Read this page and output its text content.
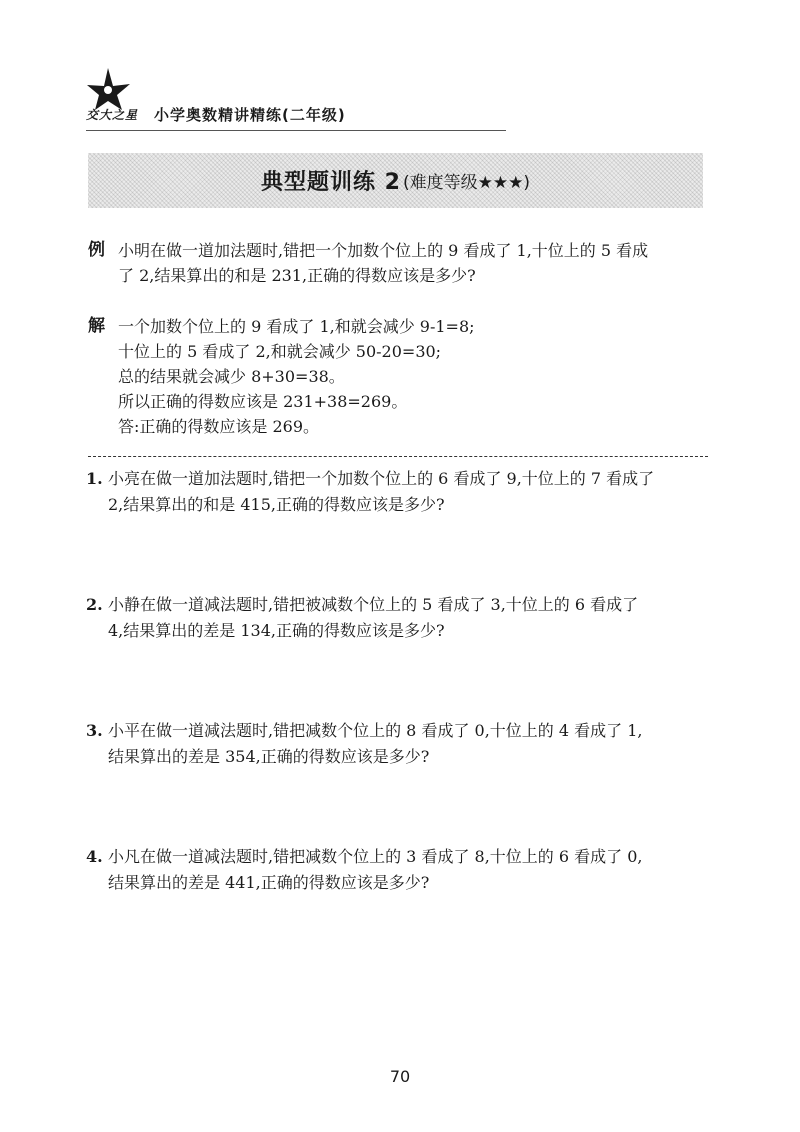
交大之星 小学奥数精讲精练(二年级)
典型题训练 2 (难度等级★★★)
例 小明在做一道加法题时,错把一个加数个位上的 9 看成了 1,十位上的 5 看成
了 2,结果算出的和是 231,正确的得数应该是多少?
解 一个加数个位上的 9 看成了 1,和就会减少 9-1=8;
十位上的 5 看成了 2,和就会减少 50-20=30;
总的结果就会减少 8+30=38。
所以正确的得数应该是 231+38=269。
答:正确的得数应该是 269。
1. 小亮在做一道加法题时,错把一个加数个位上的 6 看成了 9,十位上的 7 看成了
2,结果算出的和是 415,正确的得数应该是多少?
2. 小静在做一道减法题时,错把被减数个位上的 5 看成了 3,十位上的 6 看成了
4,结果算出的差是 134,正确的得数应该是多少?
3. 小平在做一道减法题时,错把减数个位上的 8 看成了 0,十位上的 4 看成了 1,
结果算出的差是 354,正确的得数应该是多少?
4. 小凡在做一道减法题时,错把减数个位上的 3 看成了 8,十位上的 6 看成了 0,
结果算出的差是 441,正确的得数应该是多少?
70
